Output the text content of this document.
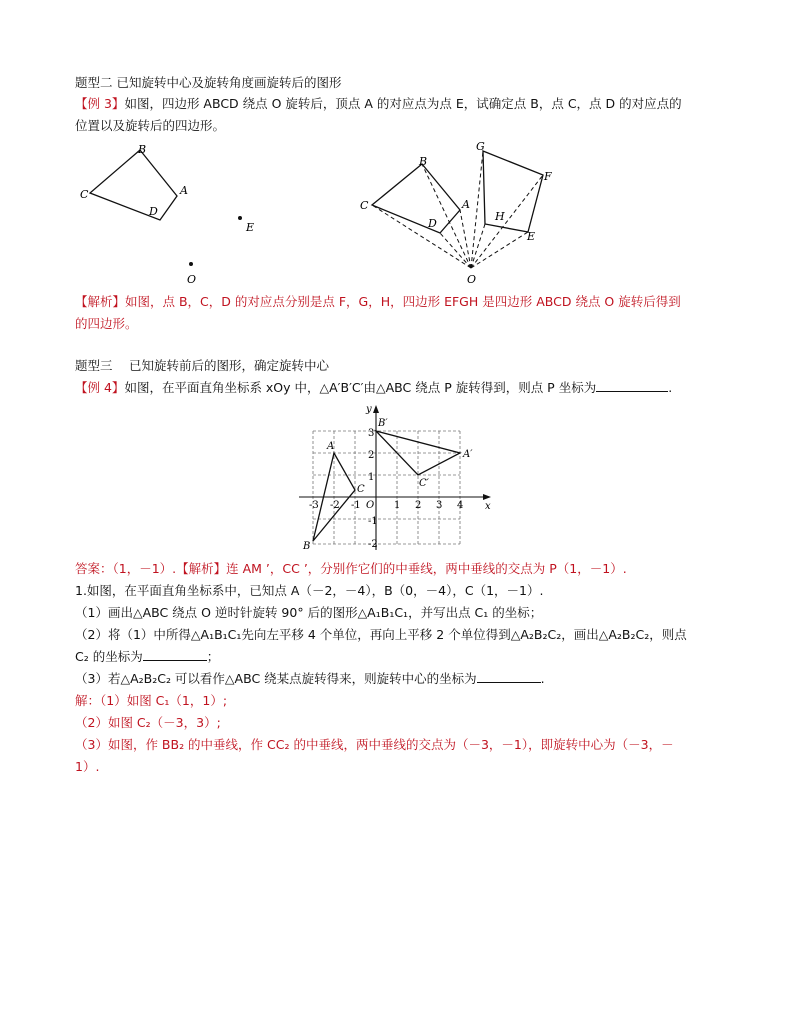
题型二 已知旋转中心及旋转角度画旋转后的图形
【例 3】如图，四边形 ABCD 绕点 O 旋转后，顶点 A 的对应点为点 E，试确定点 B，点 C，点 D 的对应点的
位置以及旋转后的四边形。
B
C	A
D
E
O
B
C	A
D
G
F
H
E
O
【解析】如图，点 B，C，D 的对应点分别是点 F，G，H，四边形 EFGH 是四边形 ABCD 绕点 O 旋转后得到
的四边形。
题型三　 已知旋转前后的图形，确定旋转中心
【例 4】如图，在平面直角坐标系 xOy 中，△A′B′C′由△ABC 绕点 P 旋转得到，则点 P 坐标为	.
x
y
O
-3 -2 -1	1 2 3 4
3
2
1
-1
-2
A
B
C
A′
B′
C′
答案：（1，－1）.【解析】连 AM ’，CC ’，分别作它们的中垂线，两中垂线的交点为 P（1，－1）.
1.如图，在平面直角坐标系中，已知点 A（－2，－4），B（0，－4），C（1，－1）.
（1）画出△ABC 绕点 O 逆时针旋转 90° 后的图形△A₁B₁C₁，并写出点 C₁ 的坐标；
（2）将（1）中所得△A₁B₁C₁先向左平移 4 个单位，再向上平移 2 个单位得到△A₂B₂C₂，画出△A₂B₂C₂，则点
C₂ 的坐标为	；
（3）若△A₂B₂C₂ 可以看作△ABC 绕某点旋转得来，则旋转中心的坐标为	.
解：（1）如图 C₁（1，1）;
（2）如图 C₂（－3，3）;
（3）如图，作 BB₂ 的中垂线，作 CC₂ 的中垂线，两中垂线的交点为（－3，－1），即旋转中心为（－3，－
1）.
